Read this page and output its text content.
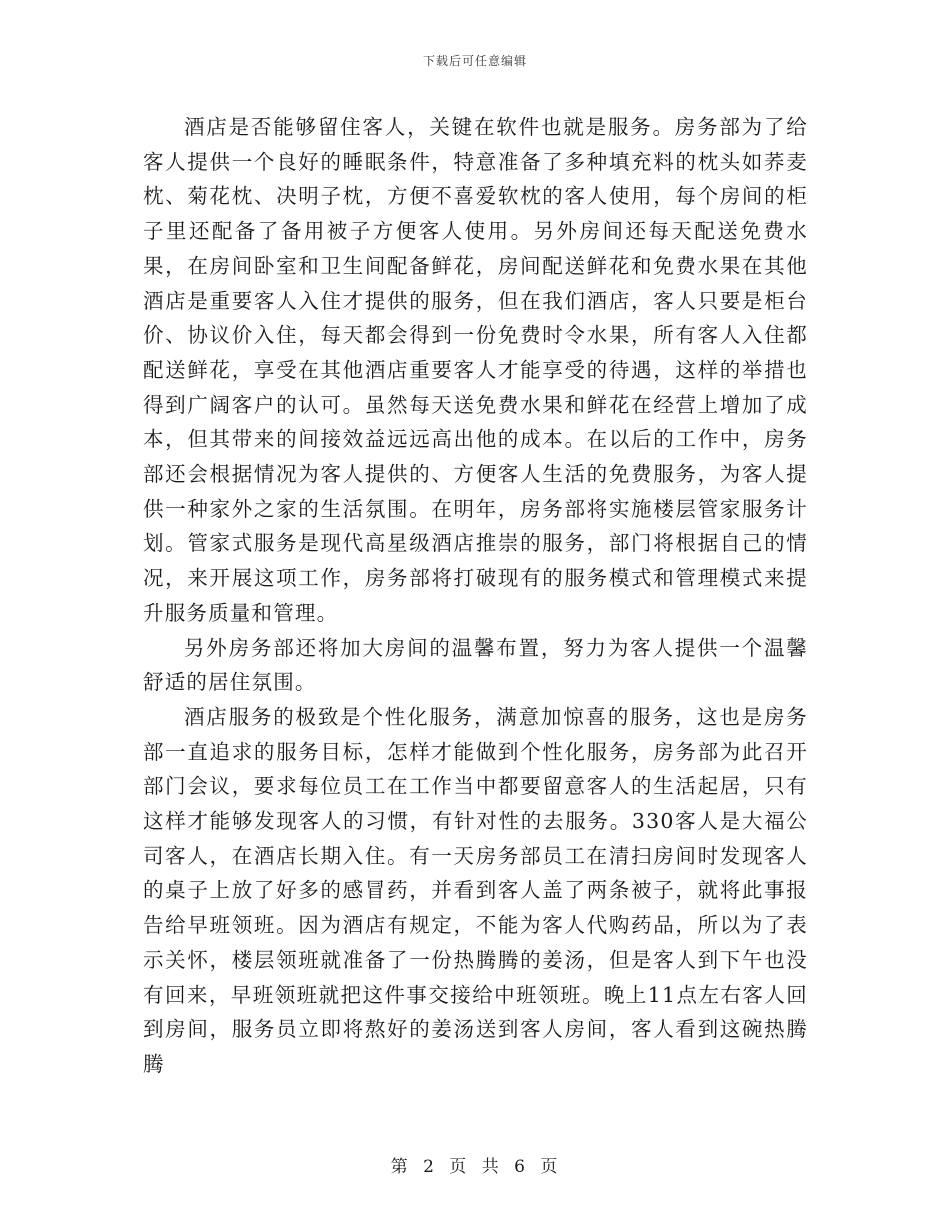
下载后可任意编辑

酒店是否能够留住客人，关键在软件也就是服务。房务部为了给客人提供一个良好的睡眠条件，特意准备了多种填充料的枕头如荞麦枕、菊花枕、决明子枕，方便不喜爱软枕的客人使用，每个房间的柜子里还配备了备用被子方便客人使用。另外房间还每天配送免费水果，在房间卧室和卫生间配备鲜花，房间配送鲜花和免费水果在其他酒店是重要客人入住才提供的服务，但在我们酒店，客人只要是柜台价、协议价入住，每天都会得到一份免费时令水果，所有客人入住都配送鲜花，享受在其他酒店重要客人才能享受的待遇，这样的举措也得到广阔客户的认可。虽然每天送免费水果和鲜花在经营上增加了成本，但其带来的间接效益远远高出他的成本。在以后的工作中，房务部还会根据情况为客人提供的、方便客人生活的免费服务，为客人提供一种家外之家的生活氛围。在明年，房务部将实施楼层管家服务计划。管家式服务是现代高星级酒店推崇的服务，部门将根据自己的情况，来开展这项工作，房务部将打破现有的服务模式和管理模式来提升服务质量和管理。

另外房务部还将加大房间的温馨布置，努力为客人提供一个温馨舒适的居住氛围。

酒店服务的极致是个性化服务，满意加惊喜的服务，这也是房务部一直追求的服务目标，怎样才能做到个性化服务，房务部为此召开部门会议，要求每位员工在工作当中都要留意客人的生活起居，只有这样才能够发现客人的习惯，有针对性的去服务。330客人是大福公司客人，在酒店长期入住。有一天房务部员工在清扫房间时发现客人的桌子上放了好多的感冒药，并看到客人盖了两条被子，就将此事报告给早班领班。因为酒店有规定，不能为客人代购药品，所以为了表示关怀，楼层领班就准备了一份热腾腾的姜汤，但是客人到下午也没有回来，早班领班就把这件事交接给中班领班。晚上11点左右客人回到房间，服务员立即将熬好的姜汤送到客人房间，客人看到这碗热腾腾

第 2 页 共 6 页
